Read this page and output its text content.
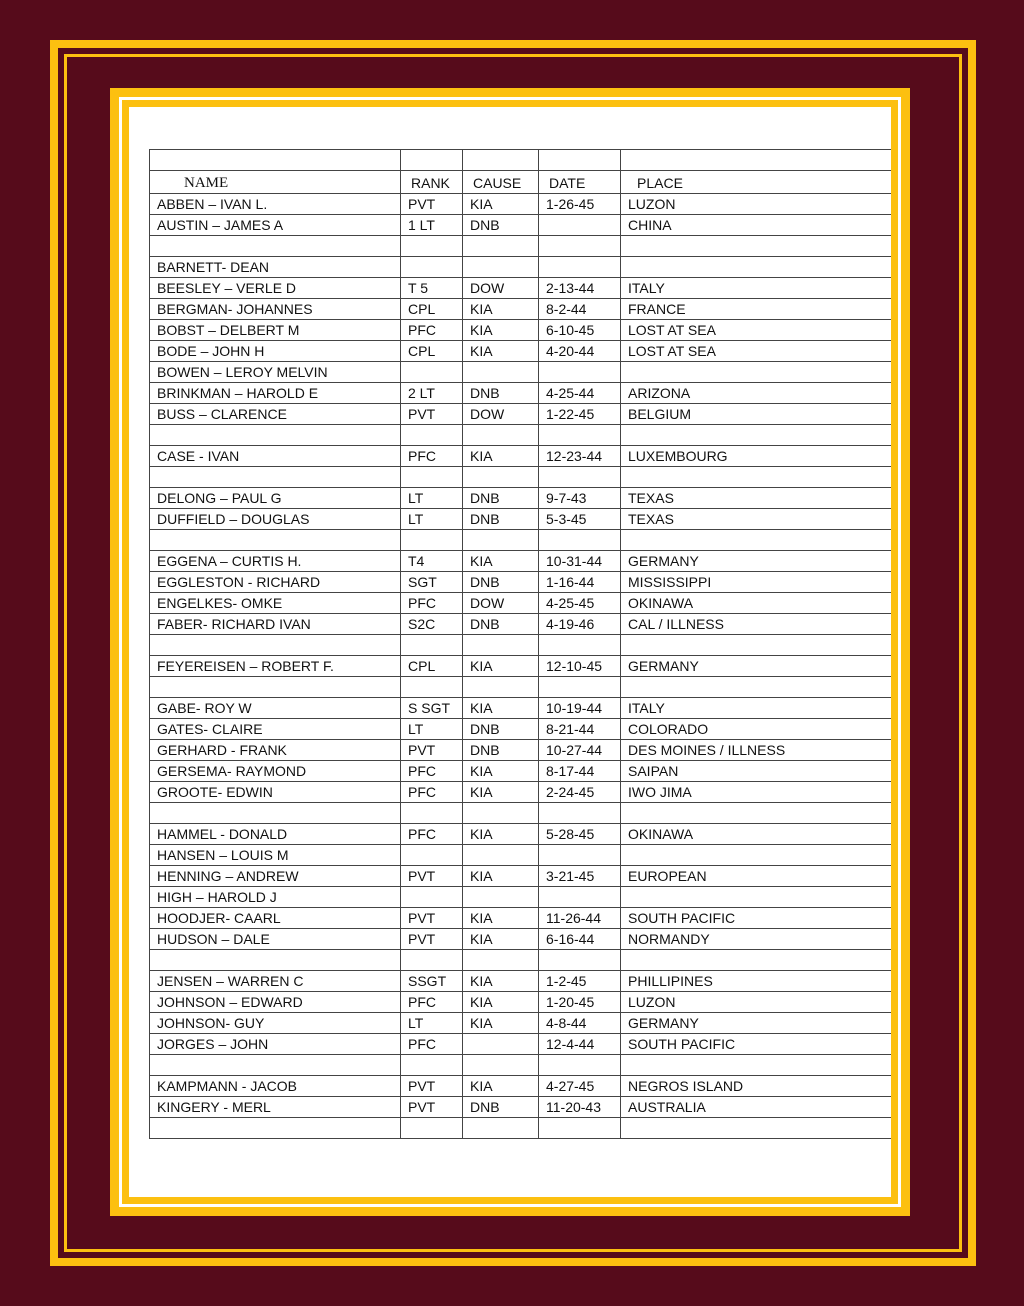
NAME	RANK	CAUSE	DATE	PLACE
ABBEN – IVAN L.	PVT	KIA	1-26-45	LUZON
AUSTIN – JAMES A	1 LT	DNB		CHINA

BARNETT- DEAN				
BEESLEY – VERLE D	T 5	DOW	2-13-44	ITALY
BERGMAN- JOHANNES	CPL	KIA	8-2-44	FRANCE
BOBST – DELBERT M	PFC	KIA	6-10-45	LOST AT SEA
BODE – JOHN H	CPL	KIA	4-20-44	LOST AT SEA
BOWEN – LEROY MELVIN				
BRINKMAN – HAROLD E	2 LT	DNB	4-25-44	ARIZONA
BUSS – CLARENCE	PVT	DOW	1-22-45	BELGIUM

CASE - IVAN	PFC	KIA	12-23-44	LUXEMBOURG

DELONG – PAUL G	LT	DNB	9-7-43	TEXAS
DUFFIELD – DOUGLAS	LT	DNB	5-3-45	TEXAS

EGGENA – CURTIS H.	T4	KIA	10-31-44	GERMANY
EGGLESTON - RICHARD	SGT	DNB	1-16-44	MISSISSIPPI
ENGELKES- OMKE	PFC	DOW	4-25-45	OKINAWA
FABER- RICHARD IVAN	S2C	DNB	4-19-46	CAL / ILLNESS

FEYEREISEN – ROBERT F.	CPL	KIA	12-10-45	GERMANY

GABE- ROY W	S SGT	KIA	10-19-44	ITALY
GATES- CLAIRE	LT	DNB	8-21-44	COLORADO
GERHARD - FRANK	PVT	DNB	10-27-44	DES MOINES / ILLNESS
GERSEMA- RAYMOND	PFC	KIA	8-17-44	SAIPAN
GROOTE- EDWIN	PFC	KIA	2-24-45	IWO JIMA

HAMMEL - DONALD	PFC	KIA	5-28-45	OKINAWA
HANSEN – LOUIS M				
HENNING – ANDREW	PVT	KIA	3-21-45	EUROPEAN
HIGH – HAROLD J				
HOODJER- CAARL	PVT	KIA	11-26-44	SOUTH PACIFIC
HUDSON – DALE	PVT	KIA	6-16-44	NORMANDY

JENSEN – WARREN C	SSGT	KIA	1-2-45	PHILLIPINES
JOHNSON – EDWARD	PFC	KIA	1-20-45	LUZON
JOHNSON- GUY	LT	KIA	4-8-44	GERMANY
JORGES – JOHN	PFC		12-4-44	SOUTH PACIFIC

KAMPMANN - JACOB	PVT	KIA	4-27-45	NEGROS ISLAND
KINGERY - MERL	PVT	DNB	11-20-43	AUSTRALIA
